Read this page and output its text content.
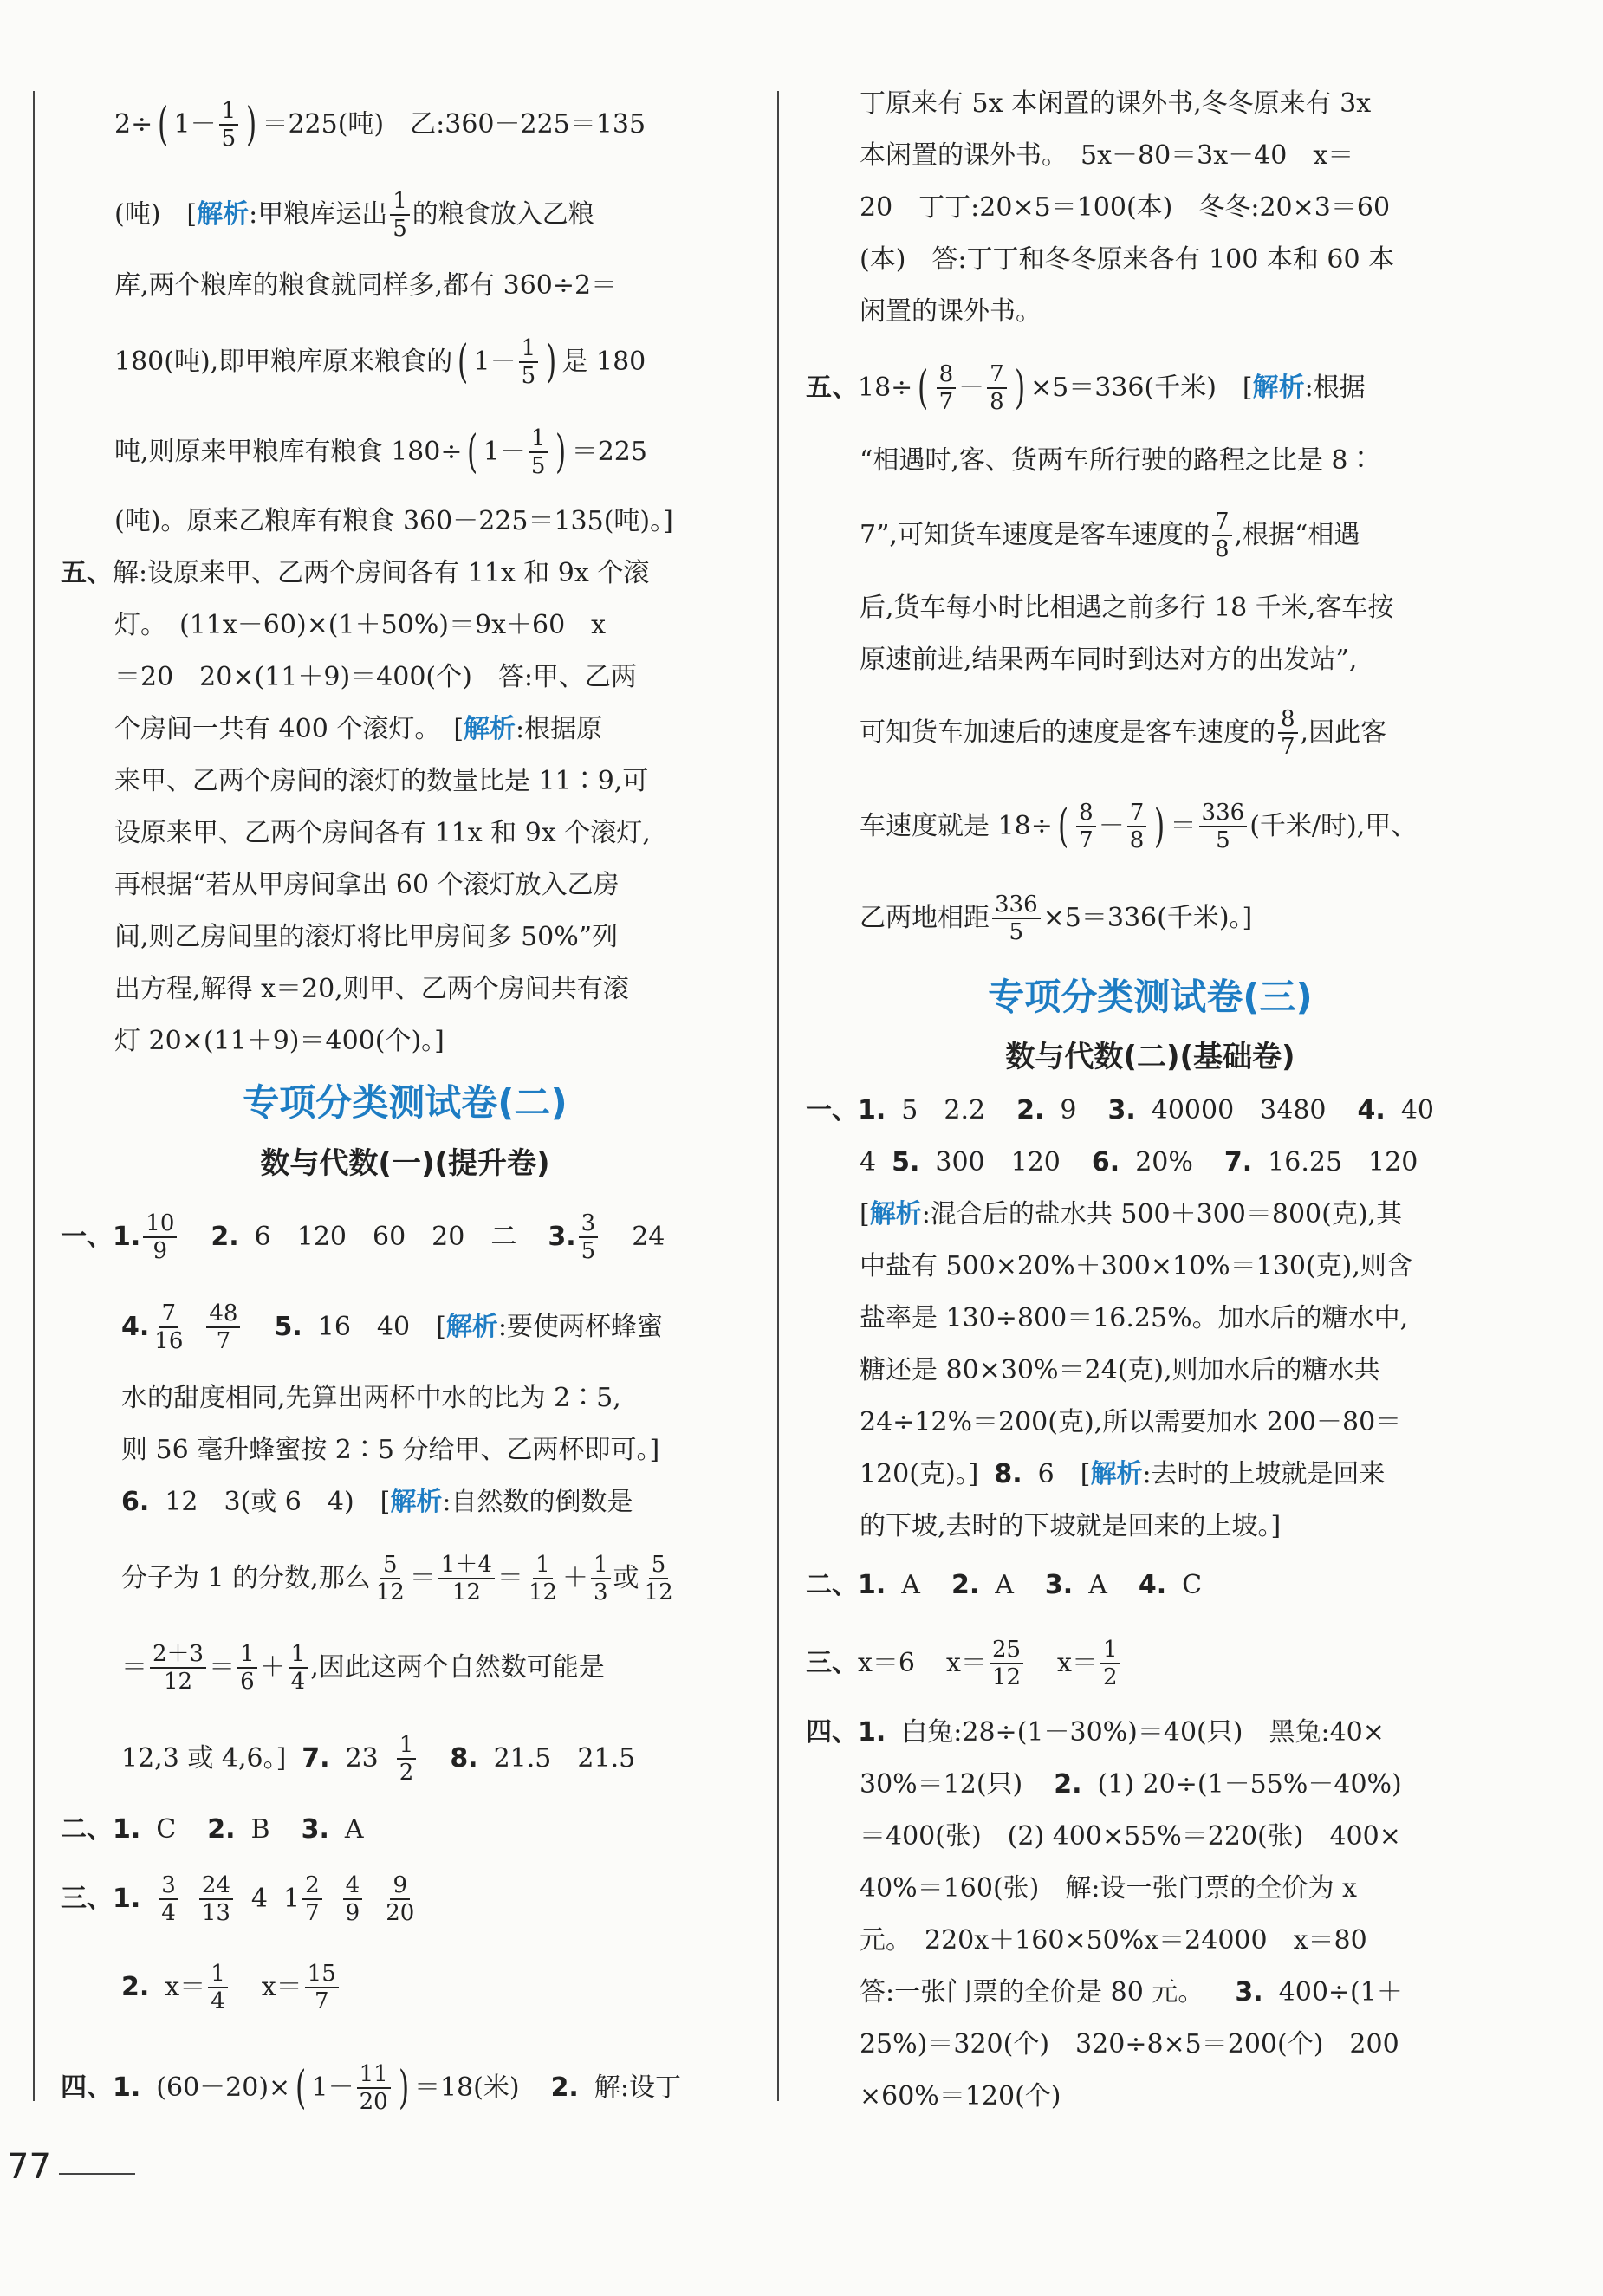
2÷ ( $1- \frac{1}{5}$ ) ＝225(吨)　乙:360－225＝135
(吨)　[ 解析 :甲粮库运出 $\frac{1}{5}$ 的粮食放入乙粮
库,两个粮库的粮食就同样多,都有 360÷2＝
180(吨),即甲粮库原来粮食的 ( $1- \frac{1}{5}$ ) 是 180
吨,则原来甲粮库有粮食 180÷ ( $1- \frac{1}{5}$ ) ＝225
(吨)。原来乙粮库有粮食 360－225＝135(吨)。]
五、 解:设原来甲、乙两个房间各有 11x 和 9x 个滚
灯。　(11x－60)×(1＋50%)＝9x＋60　x
＝20　20×(11＋9)＝400(个)　答:甲、乙两
个房间一共有 400 个滚灯。　[ 解析 :根据原
来甲、乙两个房间的滚灯的数量比是 11∶9,可
设原来甲、乙两个房间各有 11x 和 9x 个滚灯,
再根据“若从甲房间拿出 60 个滚灯放入乙房
间,则乙房间里的滚灯将比甲房间多 50%”列
出方程,解得 x＝20,则甲、乙两个房间共有滚
灯 20×(11＋9)＝400(个)。]
专项分类测试卷(二)
数与代数(一)(提升卷)
一、 1. $\frac{10}{9} 2$. 6　120　60　20　二 3. $\frac{3}{5} 24$
4. $\frac{7}{16} \frac{48}{7} 5$. 16　40　[ 解析 :要使两杯蜂蜜
水的甜度相同,先算出两杯中水的比为 2∶5,
则 56 毫升蜂蜜按 2∶5 分给甲、乙两杯即可。]
6. 12　3(或 6　4)　[ 解析 :自然数的倒数是
分子为 1 的分数,那么 $\frac{5}{12} = \frac{1+4}{12} = \frac{1}{12} + \frac{1}{3}$ 或 $\frac{5}{12}$
＝ $\frac{2+3}{12} = \frac{1}{6} + \frac{1}{4}$ ,因此这两个自然数可能是
12,3 或 4,6。] 7. $23 \frac{1}{2} 8$. 21.5　21.5
二、 1. C 2. B 3. A
三、 1. $\frac{3}{4} \frac{24}{13} 4$ $1 \frac{2}{7} \frac{4}{9} \frac{9}{20}$
2. $x= \frac{1}{4} x= \frac{15}{7}$
四、 1. (60－20)× ( $1- \frac{11}{20}$ ) ＝18(米) 2. 解:设丁
丁原来有 5x 本闲置的课外书,冬冬原来有 3x
本闲置的课外书。　5x－80＝3x－40　x＝
20　丁丁:20×5＝100(本)　冬冬:20×3＝60
(本)　答:丁丁和冬冬原来各有 100 本和 60 本
闲置的课外书。
五、 18÷ ( $\frac{8}{7} - \frac{7}{8}$ ) ×5＝336(千米)　[ 解析 :根据
“相遇时,客、货两车所行驶的路程之比是 8∶
7”,可知货车速度是客车速度的 $\frac{7}{8}$ ,根据“相遇
后,货车每小时比相遇之前多行 18 千米,客车按
原速前进,结果两车同时到达对方的出发站”,
可知货车加速后的速度是客车速度的 $\frac{8}{7}$ ,因此客
车速度就是 18÷ ( $\frac{8}{7} - \frac{7}{8}$ ) ＝ $\frac{336}{5}$ (千米/时),甲、
乙两地相距 $\frac{336}{5} \times 5=336$(千米)。]
专项分类测试卷(三)
数与代数(二)(基础卷)
一、 1. 5　2.2 2. 9 3. 40000　3480 4. 40
4 5. 300　120 6. 20% 7. 16.25　120
[ 解析 :混合后的盐水共 500＋300＝800(克),其
中盐有 500×20%＋300×10%＝130(克),则含
盐率是 130÷800＝16.25%。加水后的糖水中,
糖还是 80×30%＝24(克),则加水后的糖水共
24÷12%＝200(克),所以需要加水 200－80＝
120(克)。] 8. 6　[ 解析 :去时的上坡就是回来
的下坡,去时的下坡就是回来的上坡。]
二、 1. A 2. A 3. A 4. C
三、 x＝6 $x= \frac{25}{12} x= \frac{1}{2}$
四、 1. 白兔:28÷(1－30%)＝40(只)　黑兔:40×
30%＝12(只) 2. (1) 20÷(1－55%－40%)
＝400(张)　(2) 400×55%＝220(张)　400×
40%＝160(张)　解:设一张门票的全价为 x
元。　220x＋160×50%x＝24000　x＝80
答:一张门票的全价是 80 元。 3. 400÷(1＋
25%)＝320(个)　320÷8×5＝200(个)　200
×60%＝120(个)
77
